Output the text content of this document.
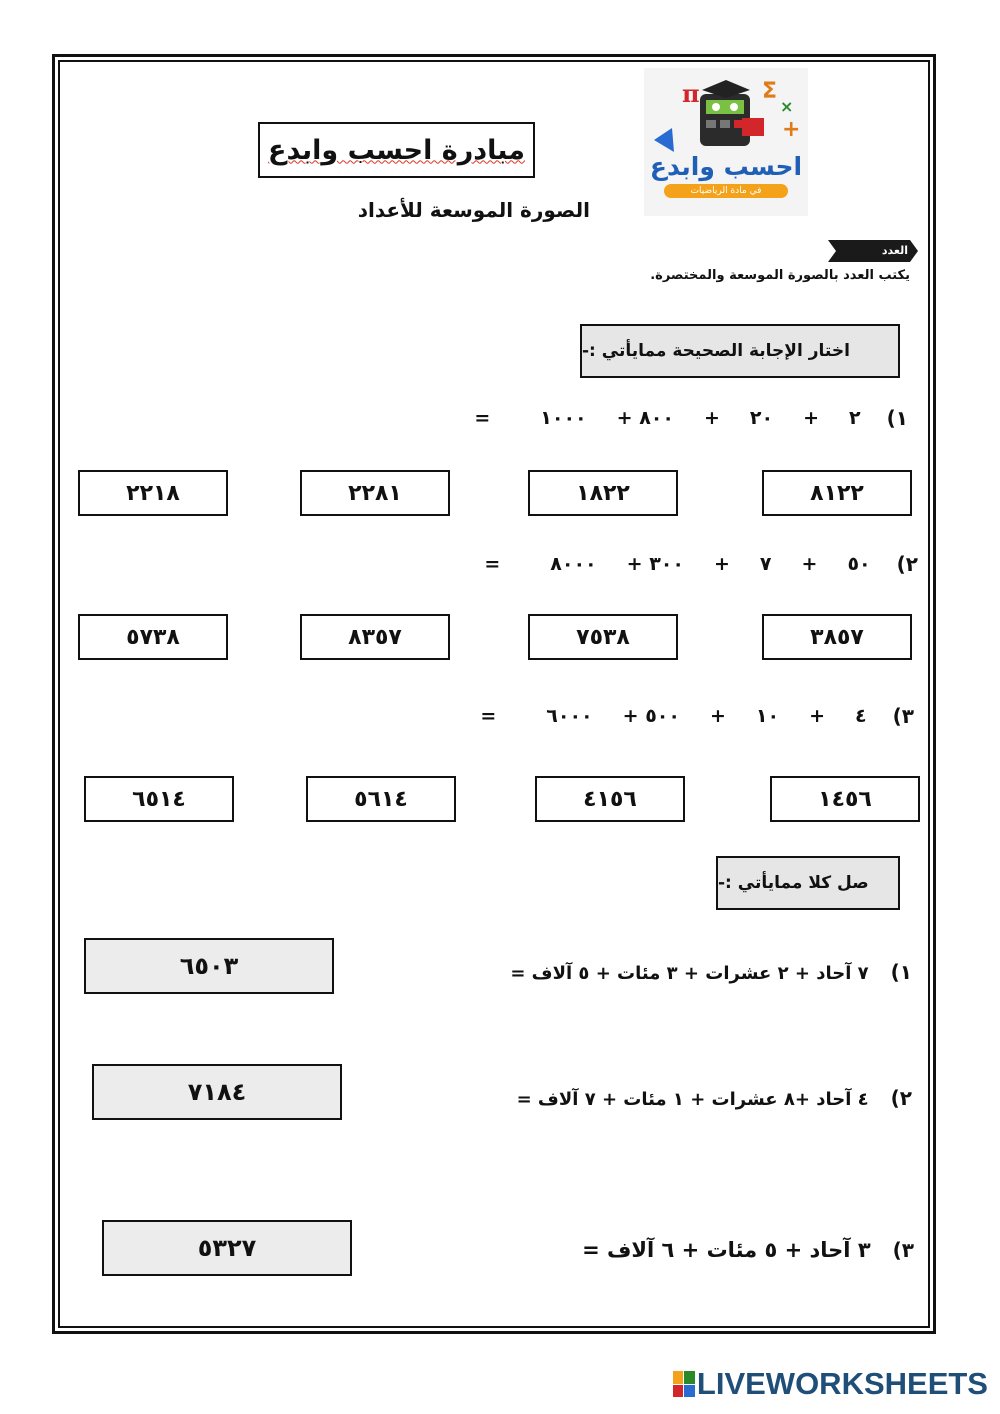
π	Σ
×
+
احسب وابدع
في مادة الرياضيات
مبادرة احسب وابدع
الصورة الموسعة للأعداد
العدد
يكتب العدد بالصورة الموسعة والمختصرة.
اختار الإجابة الصحيحة ممايأتي :-
١)
٢
+
٢٠
+
٨٠٠ +
١٠٠٠
=
٨١٢٢
١٨٢٢
٢٢٨١
٢٢١٨
٢)
٥٠
+
٧
+
٣٠٠ +
٨٠٠٠
=
٣٨٥٧
٧٥٣٨
٨٣٥٧
٥٧٣٨
٣)
٤
+
١٠
+
٥٠٠ +
٦٠٠٠
=
١٤٥٦
٤١٥٦
٥٦١٤
٦٥١٤
صل كلا ممايأتي :-
١)٧ آحاد + ٢ عشرات + ٣ مئات + ٥ آلاف =
٦٥٠٣
٢)٤ آحاد +٨ عشرات + ١ مئات + ٧ آلاف =
٧١٨٤
٣)٣ آحاد + ٥ مئات + ٦ آلاف =
٥٣٢٧
LIVEWORKSHEETS
